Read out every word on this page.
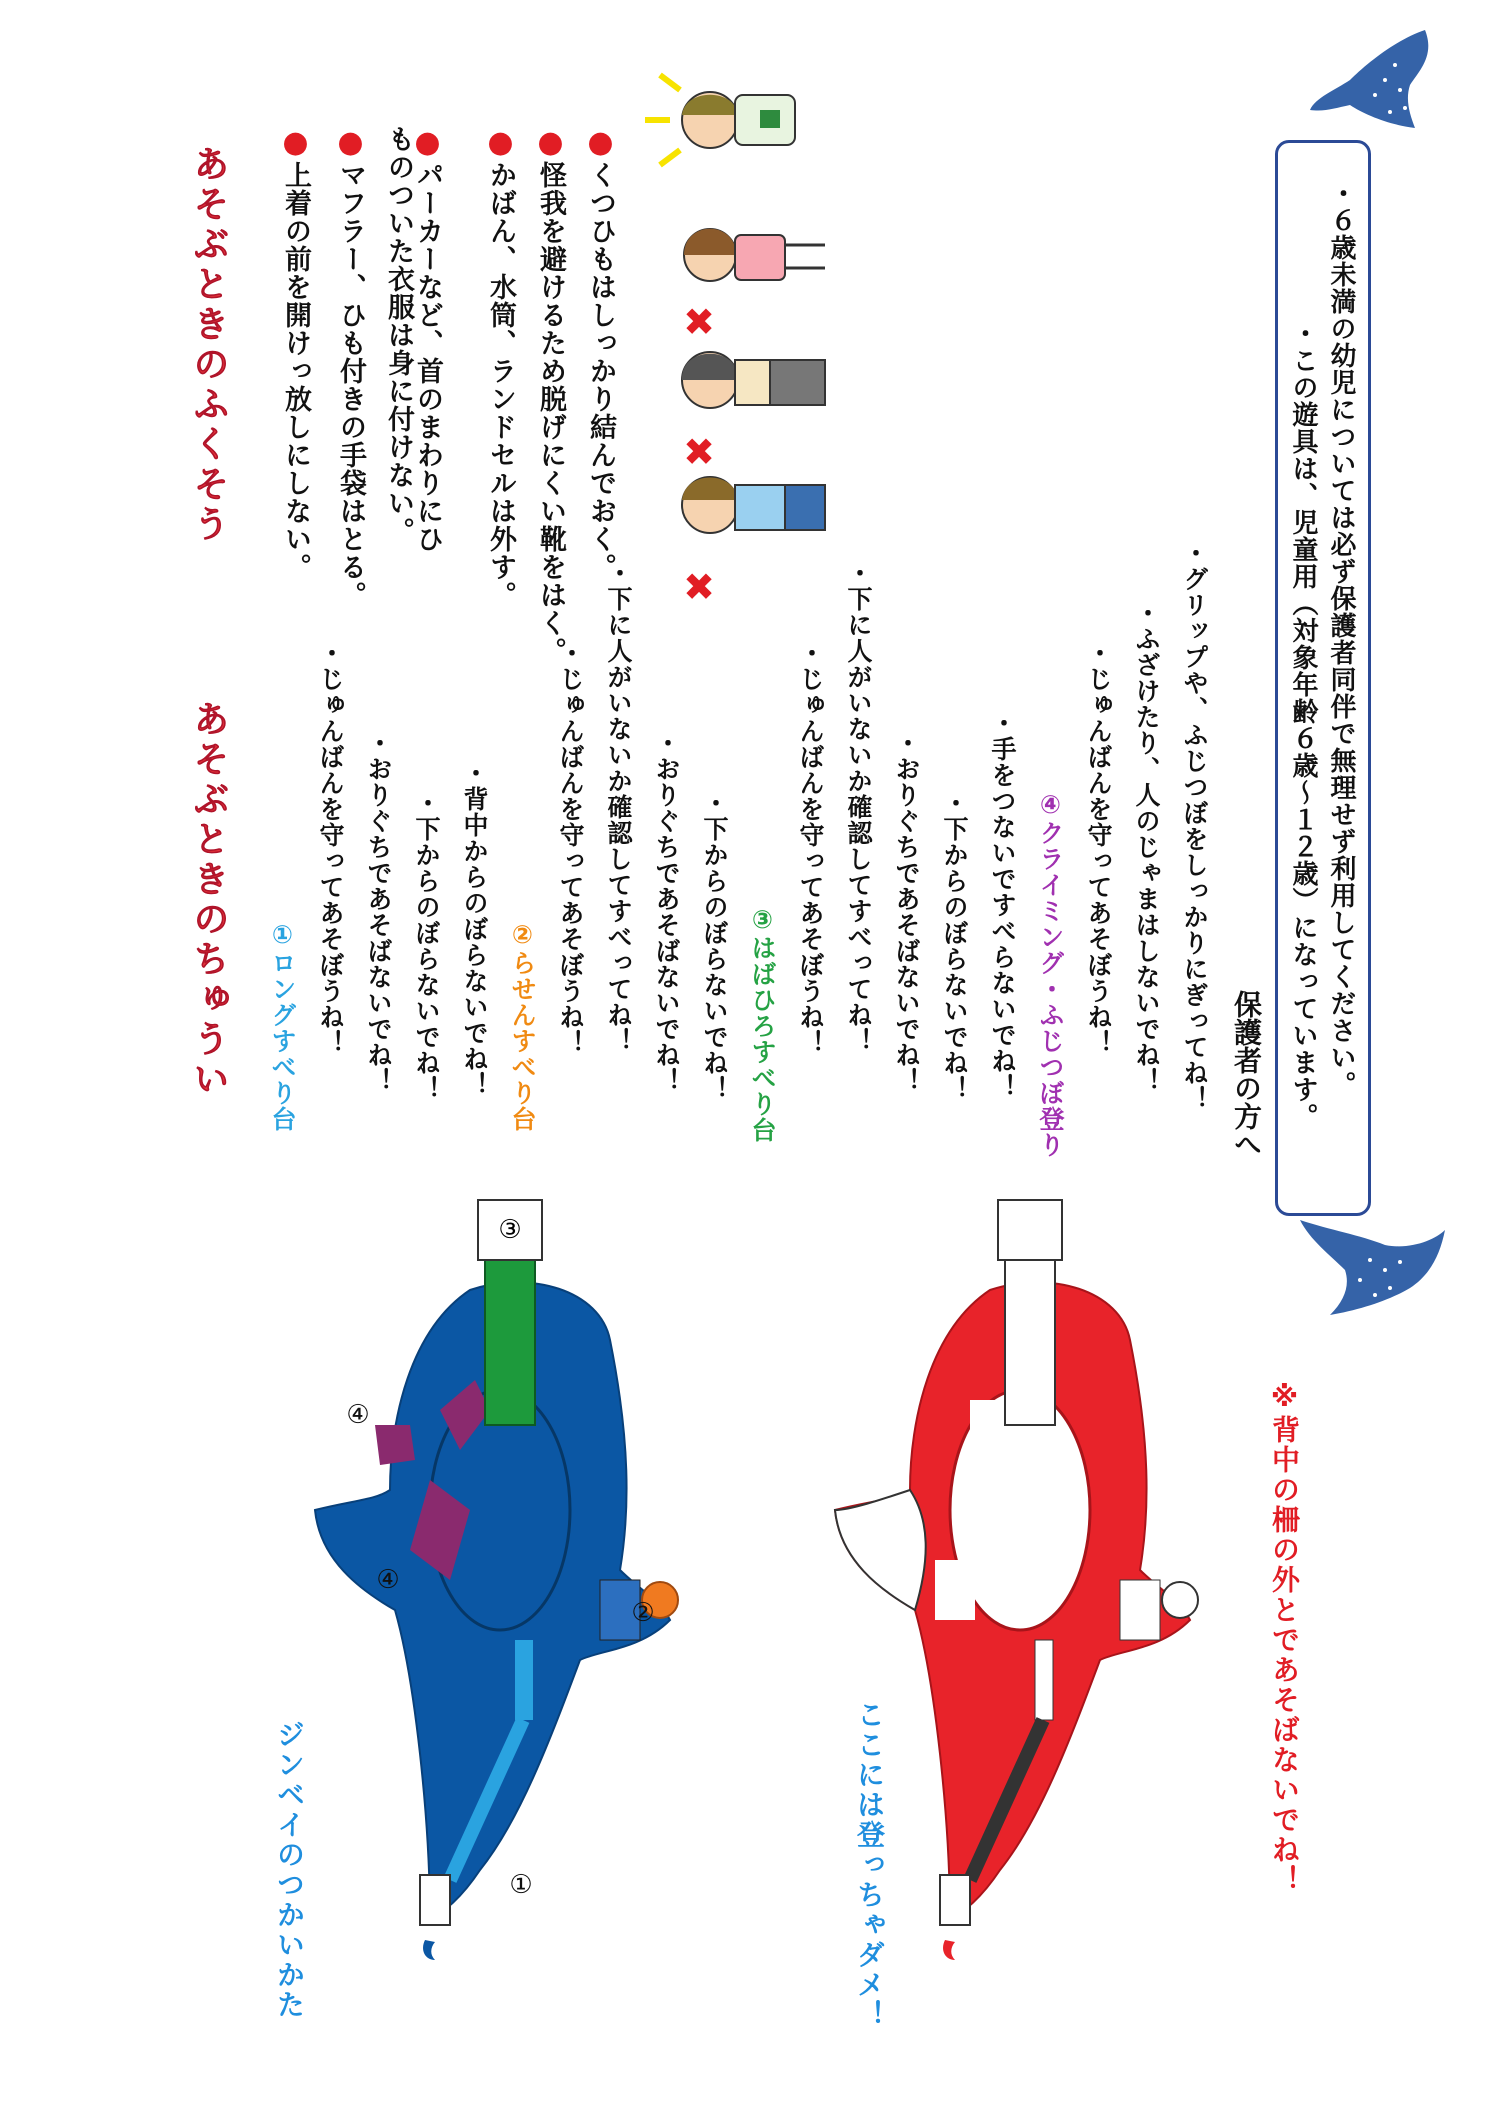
あそぶときのふくそう
●上着の前を開けっ放しにしない。
●マフラー、ひも付きの手袋はとる。
●パーカーなど、首のまわりにひものついた衣服は身に付けない。	●かばん、水筒、ランドセルは外す。
●怪我を避けるため脱げにくい靴をはく。
●くつひもはしっかり結んでおく。 ✖
✖
✖
あそぶときのちゅうい ①ロングすべり台 ・じゅんばんを守ってあそぼうね！ ・おりぐちであそばないでね！ ・下からのぼらないでね！ ・背中からのぼらないでね！ ②らせんすべり台 ・じゅんばんを守ってあそぼうね！ ・下に人がいないか確認してすべってね！ ・おりぐちであそばないでね！ ・下からのぼらないでね！ ③はばひろすべり台 ・じゅんばんを守ってあそぼうね！ ・下に人がいないか確認してすべってね！ ・おりぐちであそばないでね！ ・下からのぼらないでね！ ・手をつないですべらないでね！ ④クライミング・ふじつぼ登り ・じゅんばんを守ってあそぼうね！ ・ふざけたり、人のじゃまはしないでね！ ・グリップや、ふじつぼをしっかりにぎってね！ 保護者の方へ ・この遊具は、児童用（対象年齢６歳〜１２歳）になっています。 ・６歳未満の幼児については必ず保護者同伴で無理せず利用してください。
ジンベイのつかいかた	ここには登っちゃダメ！	※背中の柵の外とであそばないでね！
③
④
④
②
①
